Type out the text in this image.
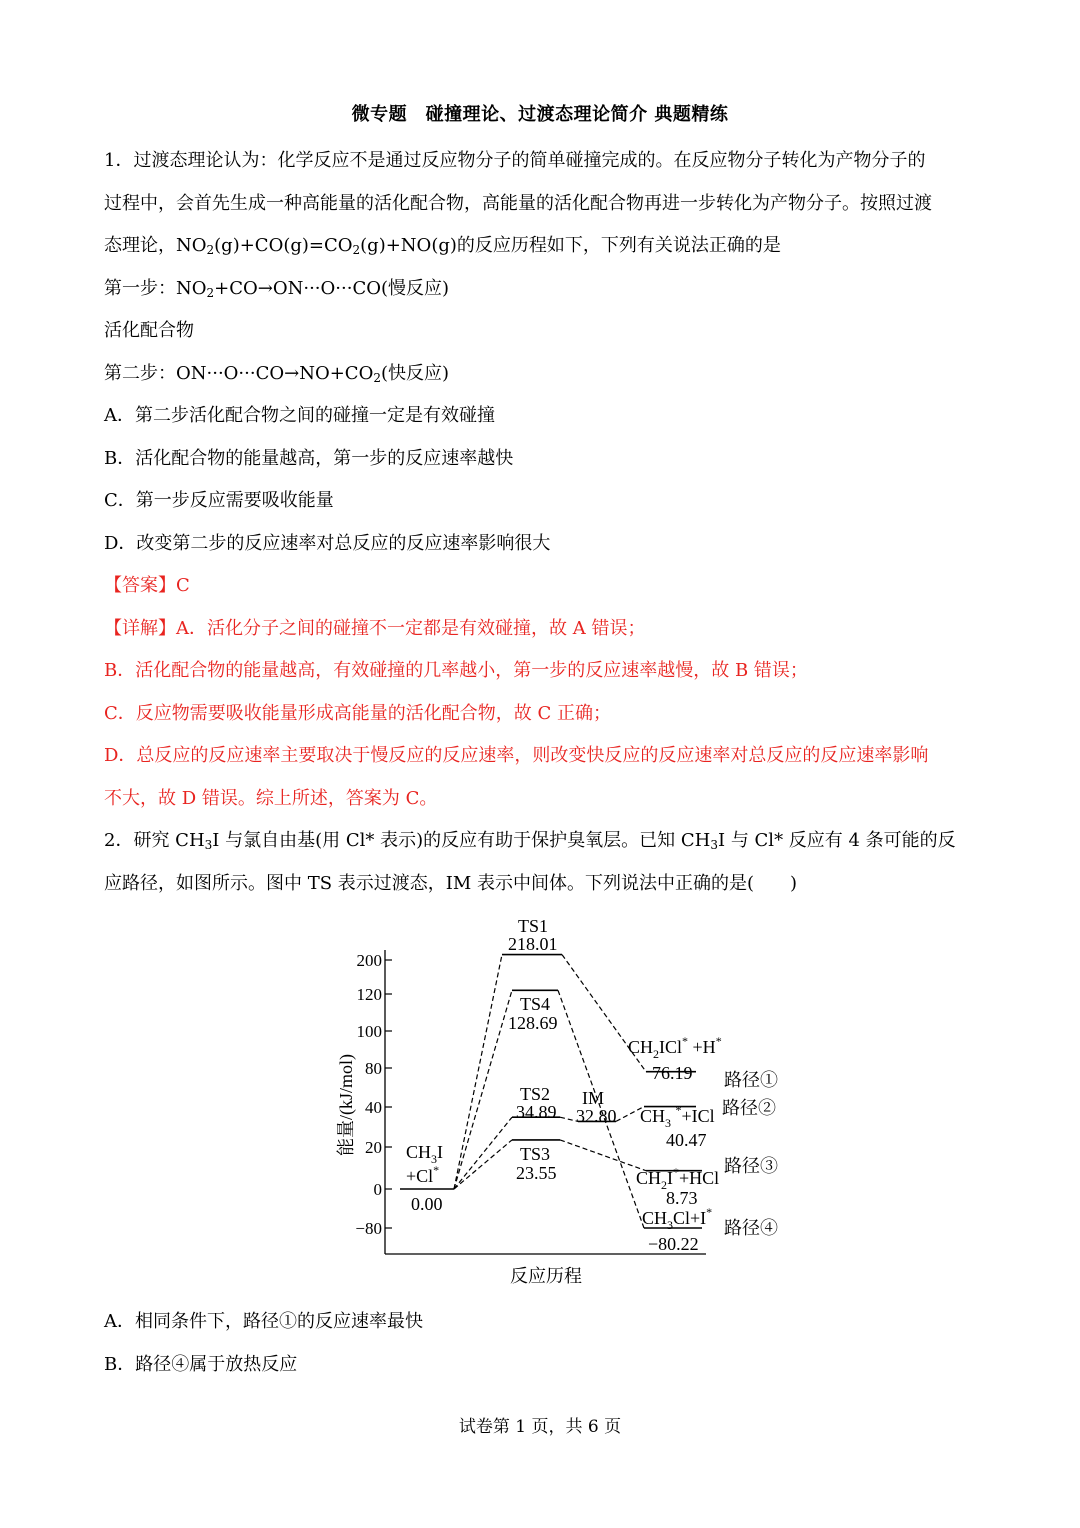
微专题　碰撞理论、过渡态理论简介 典题精练
1．过渡态理论认为：化学反应不是通过反应物分子的简单碰撞完成的。在反应物分子转化为产物分子的
过程中，会首先生成一种高能量的活化配合物，高能量的活化配合物再进一步转化为产物分子。按照过渡
态理论，$NO_2(g)+CO(g)=CO_2(g)+NO(g)$的反应历程如下，下列有关说法正确的是
第一步：$NO_2+CO\to ON\cdot\cdot\cdot O\cdot\cdot\cdot CO$(慢反应)
活化配合物
第二步：$ON\cdot\cdot\cdot O\cdot\cdot\cdot CO\to NO+CO_2$(快反应)
A．第二步活化配合物之间的碰撞一定是有效碰撞
B．活化配合物的能量越高，第一步的反应速率越快
C．第一步反应需要吸收能量
D．改变第二步的反应速率对总反应的反应速率影响很大
【答案】C
【详解】A．活化分子之间的碰撞不一定都是有效碰撞，故 A 错误；
B．活化配合物的能量越高，有效碰撞的几率越小，第一步的反应速率越慢，故 B 错误；
C．反应物需要吸收能量形成高能量的活化配合物，故 C 正确；
D．总反应的反应速率主要取决于慢反应的反应速率，则改变快反应的反应速率对总反应的反应速率影响
不大，故 D 错误。综上所述，答案为 C。
2．研究 $CH_3I$ 与氯自由基(用 Cl* 表示)的反应有助于保护臭氧层。已知 $CH_3I$ 与 Cl* 反应有 4 条可能的反
应路径，如图所示。图中 TS 表示过渡态，IM 表示中间体。下列说法中正确的是(　　)
200
120
100
80
40
20
0
−80
能量/(kJ/mol)
反应历程
$CH_3I$
+Cl*
0.00
TS1
218.01
76.19
TS4
128.69
−80.22
TS2
34.89
IM
32.80
40.47
TS3
23.55
8.73
$CH_2ICl^* +H^*$
$CH_3$ *+ICl
$CH_2I^*+HCl$
$CH_3Cl+I^*$
路径①
路径②
路径③
路径④
A．相同条件下，路径①的反应速率最快
B．路径④属于放热反应
试卷第 1 页，共 6 页
